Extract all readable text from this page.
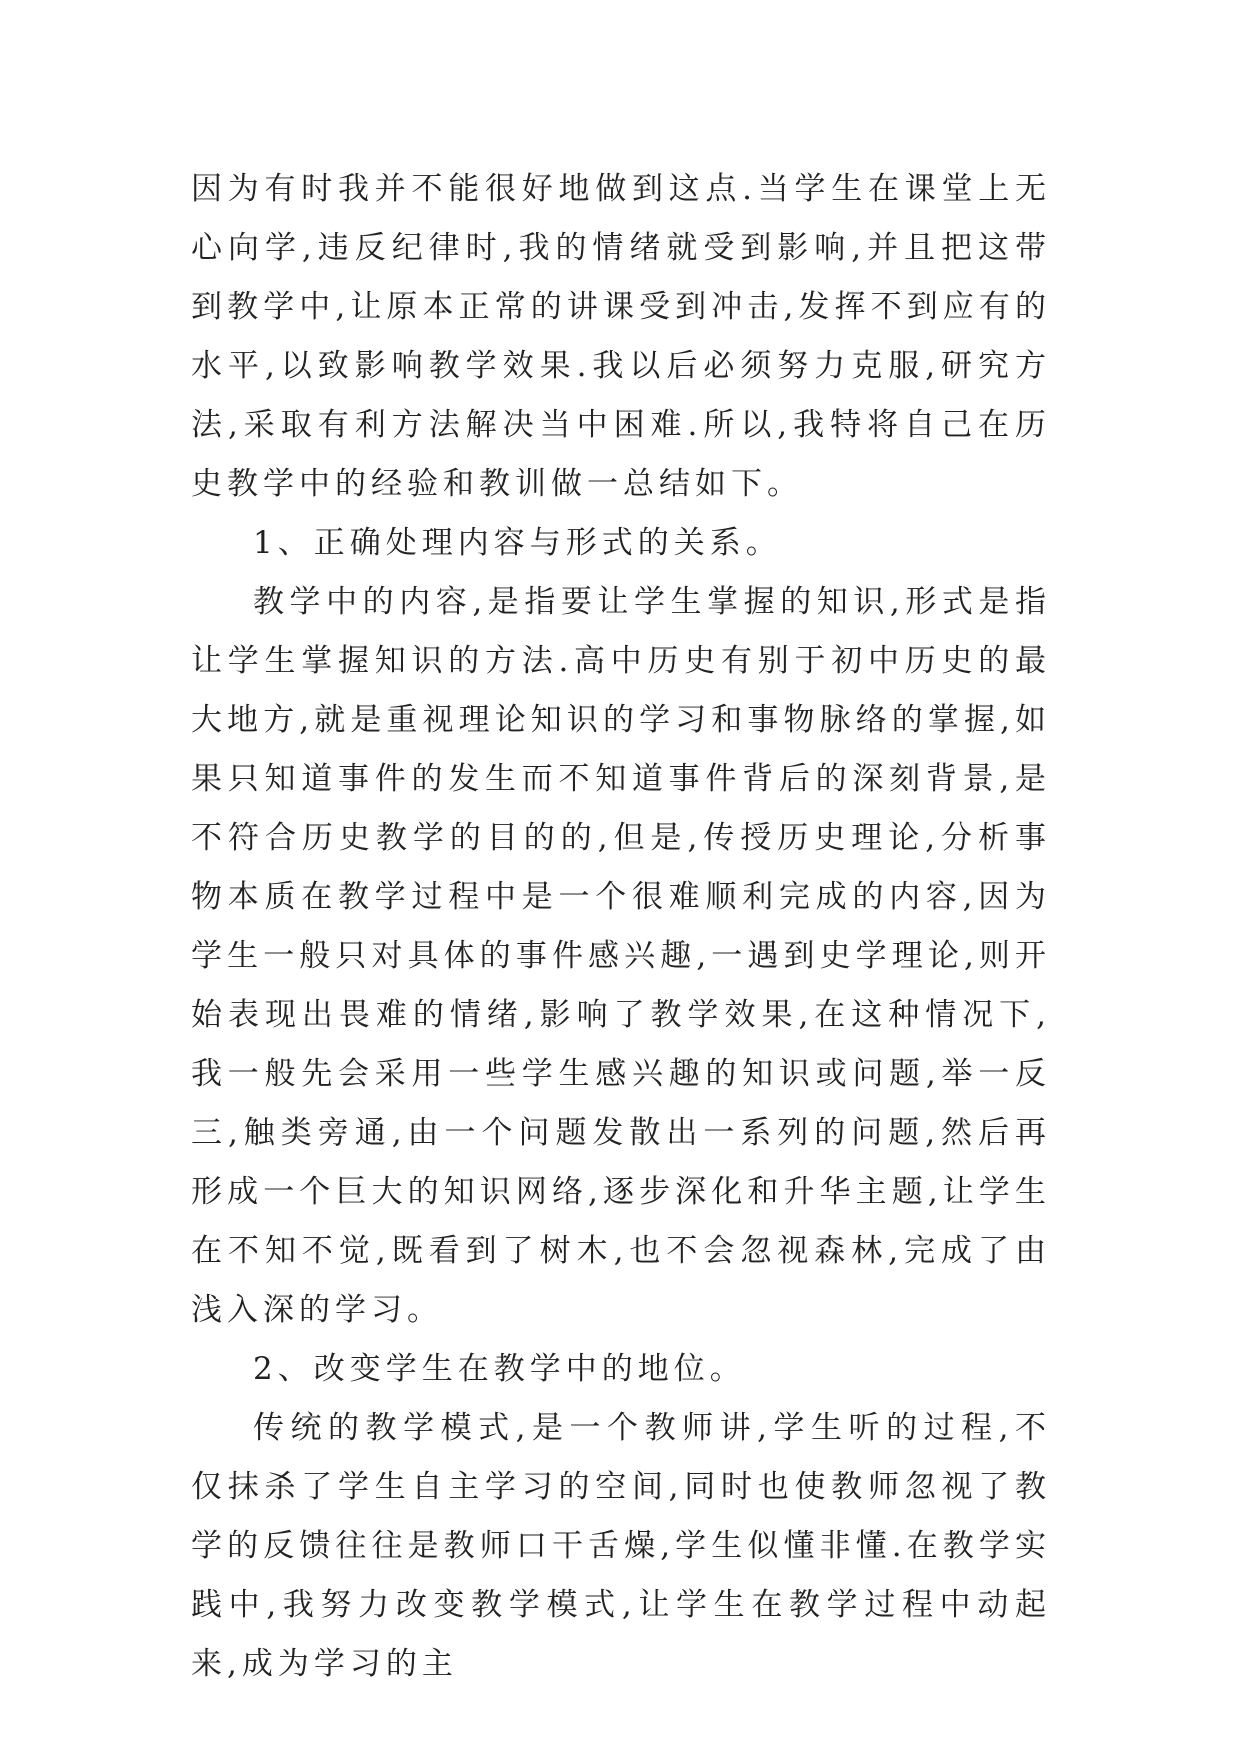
因为有时我并不能很好地做到这点.当学生在课堂上无心向学,违反纪律时,我的情绪就受到影响,并且把这带到教学中,让原本正常的讲课受到冲击,发挥不到应有的水平,以致影响教学效果.我以后必须努力克服,研究方法,采取有利方法解决当中困难.所以,我特将自己在历史教学中的经验和教训做一总结如下。

1、正确处理内容与形式的关系。

教学中的内容,是指要让学生掌握的知识,形式是指让学生掌握知识的方法.高中历史有别于初中历史的最大地方,就是重视理论知识的学习和事物脉络的掌握,如果只知道事件的发生而不知道事件背后的深刻背景,是不符合历史教学的目的的,但是,传授历史理论,分析事物本质在教学过程中是一个很难顺利完成的内容,因为学生一般只对具体的事件感兴趣,一遇到史学理论,则开始表现出畏难的情绪,影响了教学效果,在这种情况下,我一般先会采用一些学生感兴趣的知识或问题,举一反三,触类旁通,由一个问题发散出一系列的问题,然后再形成一个巨大的知识网络,逐步深化和升华主题,让学生在不知不觉,既看到了树木,也不会忽视森林,完成了由浅入深的学习。

2、改变学生在教学中的地位。

传统的教学模式,是一个教师讲,学生听的过程,不仅抹杀了学生自主学习的空间,同时也使教师忽视了教学的反馈往往是教师口干舌燥,学生似懂非懂.在教学实践中,我努力改变教学模式,让学生在教学过程中动起来,成为学习的主
